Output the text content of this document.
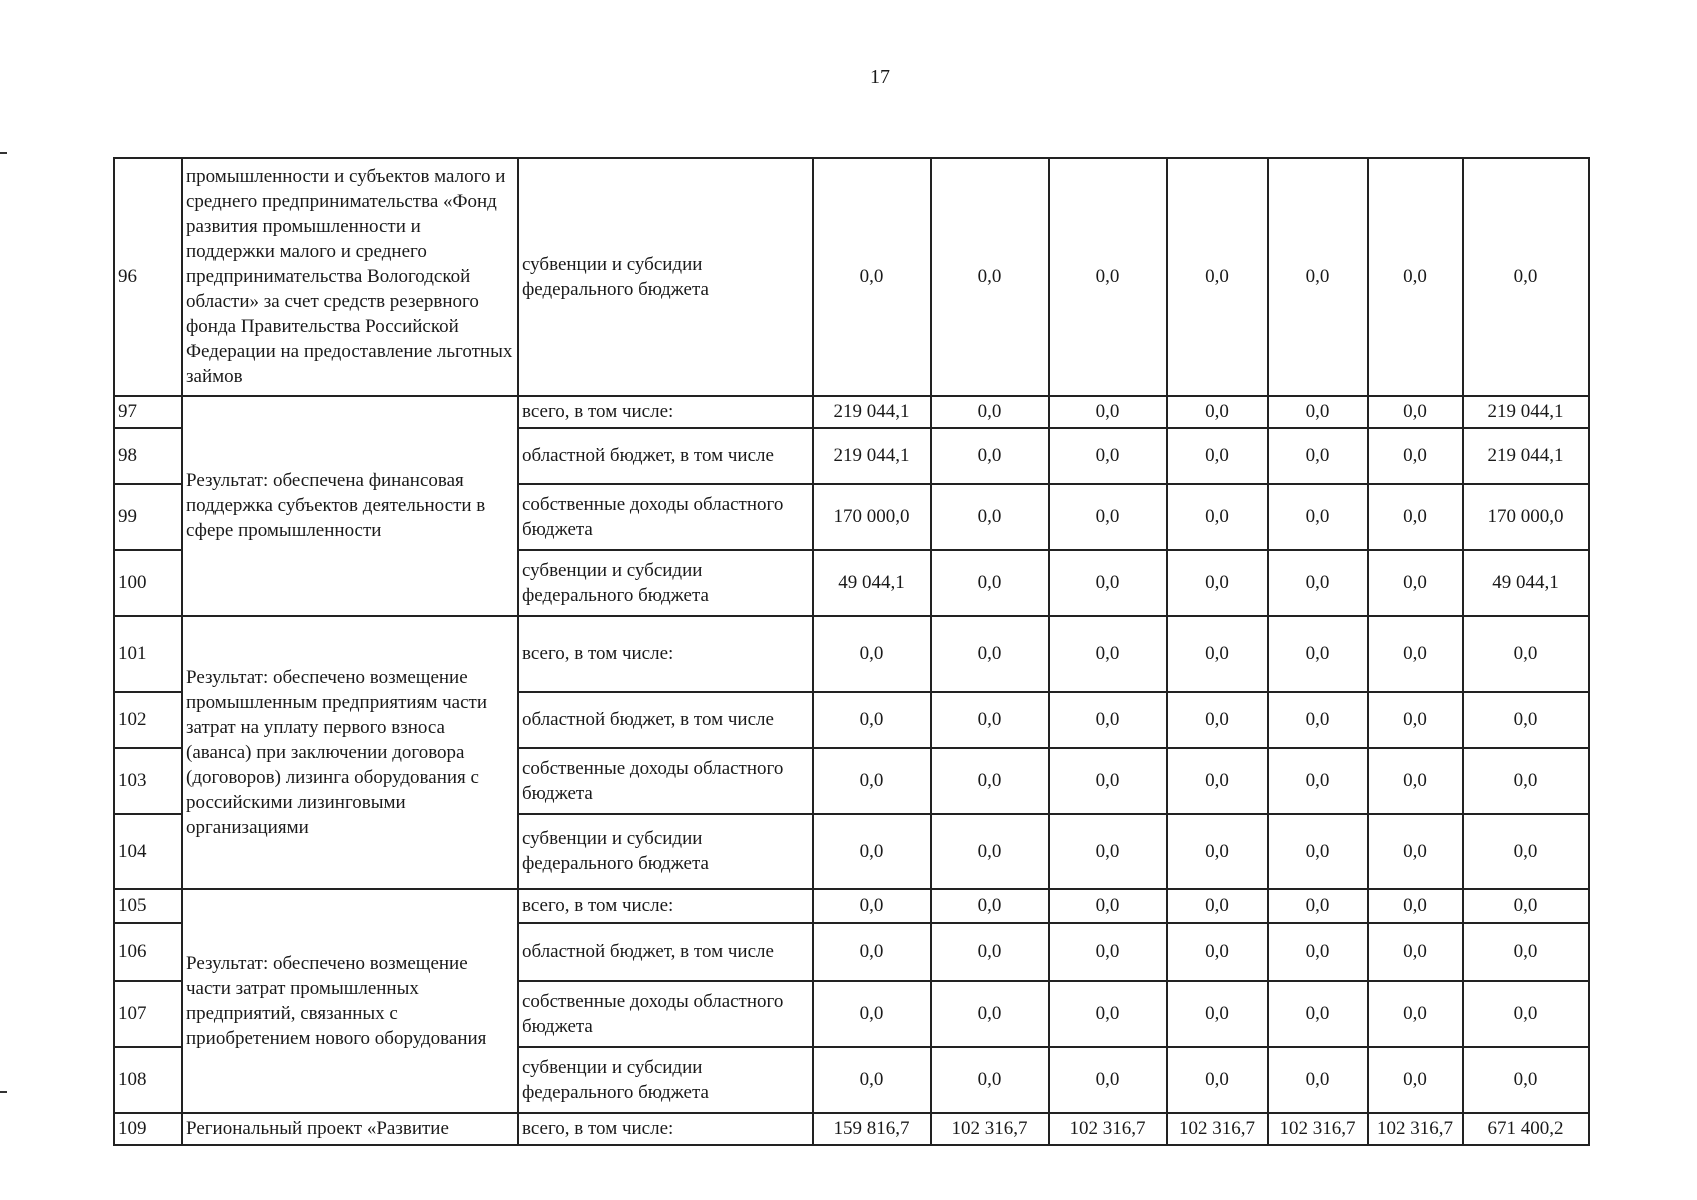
17
96	промышленности и субъектов малого и среднего предпринимательства «Фонд развития промышленности и поддержки малого и среднего предпринимательства Вологодской области» за счет средств резервного фонда Правительства Российской Федерации на предоставление льготных займов	субвенции и субсидии федерального бюджета	0,0	0,0	0,0	0,0	0,0	0,0	0,0
97	Результат: обеспечена финансовая поддержка субъектов деятельности в сфере промышленности	всего, в том числе:	219 044,1	0,0	0,0	0,0	0,0	0,0	219 044,1
98		областной бюджет, в том числе	219 044,1	0,0	0,0	0,0	0,0	0,0	219 044,1
99		собственные доходы областного бюджета	170 000,0	0,0	0,0	0,0	0,0	0,0	170 000,0
100		субвенции и субсидии федерального бюджета	49 044,1	0,0	0,0	0,0	0,0	0,0	49 044,1
101	Результат: обеспечено возмещение промышленным предприятиям части затрат на уплату первого взноса (аванса) при заключении договора (договоров) лизинга оборудования с российскими лизинговыми организациями	всего, в том числе:	0,0	0,0	0,0	0,0	0,0	0,0	0,0
102		областной бюджет, в том числе	0,0	0,0	0,0	0,0	0,0	0,0	0,0
103		собственные доходы областного бюджета	0,0	0,0	0,0	0,0	0,0	0,0	0,0
104		субвенции и субсидии федерального бюджета	0,0	0,0	0,0	0,0	0,0	0,0	0,0
105	Результат: обеспечено возмещение части затрат промышленных предприятий, связанных с приобретением нового оборудования	всего, в том числе:	0,0	0,0	0,0	0,0	0,0	0,0	0,0
106		областной бюджет, в том числе	0,0	0,0	0,0	0,0	0,0	0,0	0,0
107		собственные доходы областного бюджета	0,0	0,0	0,0	0,0	0,0	0,0	0,0
108		субвенции и субсидии федерального бюджета	0,0	0,0	0,0	0,0	0,0	0,0	0,0
109	Региональный проект «Развитие	всего, в том числе:	159 816,7	102 316,7	102 316,7	102 316,7	102 316,7	102 316,7	671 400,2
